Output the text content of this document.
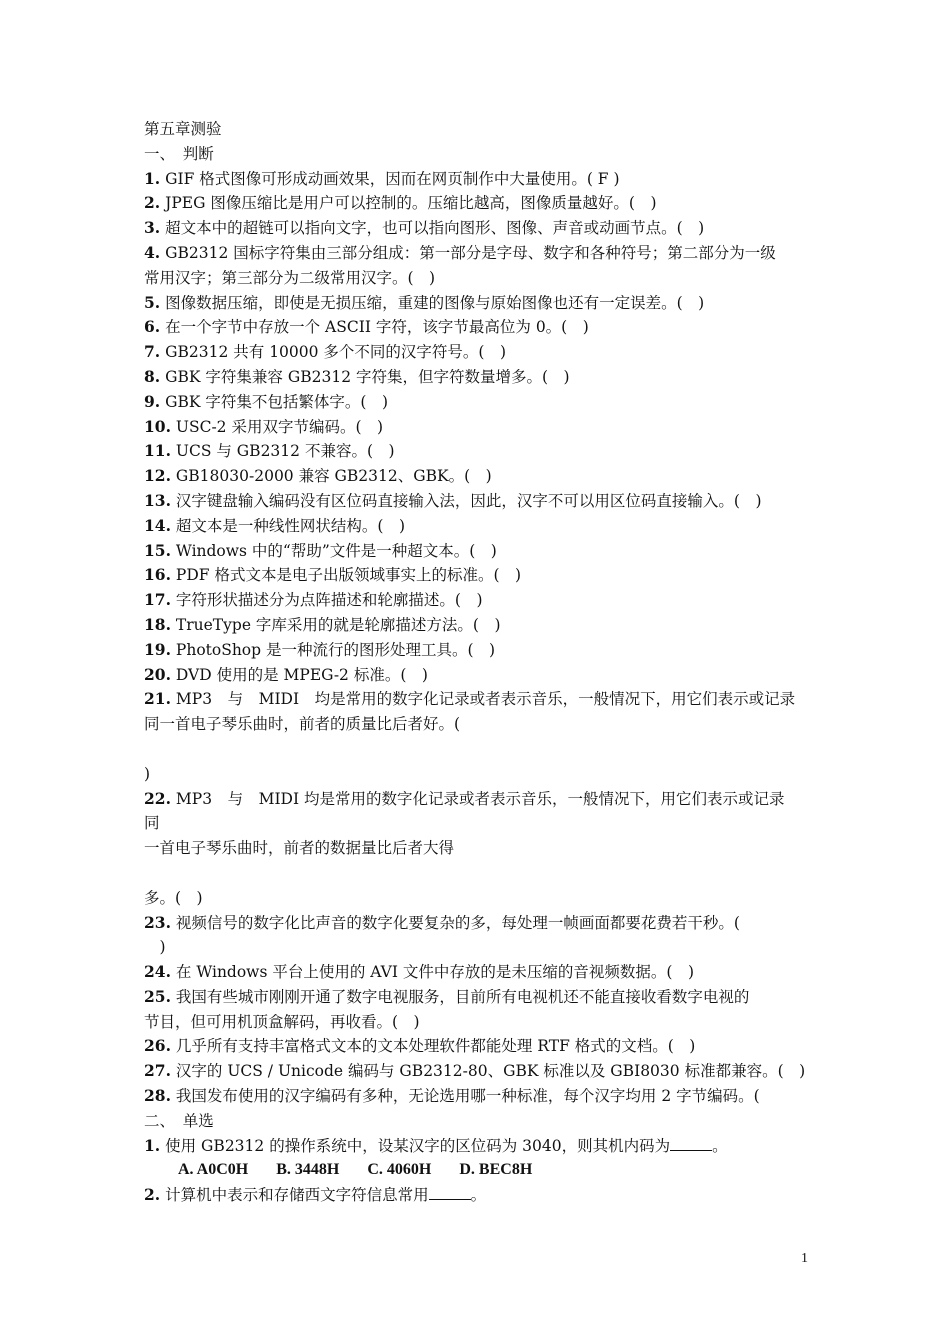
第五章测验
一、　判断
1. GIF 格式图像可形成动画效果，因而在网页制作中大量使用。( F )
2. JPEG 图像压缩比是用户可以控制的。压缩比越高，图像质量越好。(　)
3. 超文本中的超链可以指向文字，也可以指向图形、图像、声音或动画节点。(　)
4. GB2312 国标字符集由三部分组成：第一部分是字母、数字和各种符号；第二部分为一级
常用汉字；第三部分为二级常用汉字。(　)
5. 图像数据压缩，即使是无损压缩，重建的图像与原始图像也还有一定误差。(　)
6. 在一个字节中存放一个 ASCII 字符，该字节最高位为 0。(　)
7. GB2312 共有 10000 多个不同的汉字符号。(　)
8. GBK 字符集兼容 GB2312 字符集，但字符数量增多。(　)
9. GBK 字符集不包括繁体字。(　)
10. USC-2 采用双字节编码。(　)
11. UCS 与 GB2312 不兼容。(　)
12. GB18030-2000 兼容 GB2312、GBK。(　)
13. 汉字键盘输入编码没有区位码直接输入法，因此，汉字不可以用区位码直接输入。(　)
14. 超文本是一种线性网状结构。(　)
15. Windows 中的“帮助”文件是一种超文本。(　)
16. PDF 格式文本是电子出版领域事实上的标准。(　)
17. 字符形状描述分为点阵描述和轮廓描述。(　)
18. TrueType 字库采用的就是轮廓描述方法。(　)
19. PhotoShop 是一种流行的图形处理工具。(　)
20. DVD 使用的是 MPEG-2 标准。(　)
21. MP3　与　MIDI　均是常用的数字化记录或者表示音乐，一般情况下，用它们表示或记录
同一首电子琴乐曲时，前者的质量比后者好。(
)
22. MP3　与　MIDI 均是常用的数字化记录或者表示音乐，一般情况下，用它们表示或记录
同
一首电子琴乐曲时，前者的数据量比后者大得
多。(　)
23. 视频信号的数字化比声音的数字化要复杂的多，每处理一帧画面都要花费若干秒。(
　)
24. 在 Windows 平台上使用的 AVI 文件中存放的是未压缩的音视频数据。(　)
25. 我国有些城市刚刚开通了数字电视服务，目前所有电视机还不能直接收看数字电视的
节目，但可用机顶盒解码，再收看。(　)
26. 几乎所有支持丰富格式文本的文本处理软件都能处理 RTF 格式的文档。(　)
27. 汉字的 UCS / Unicode 编码与 GB2312-80、GBK 标准以及 GBI8030 标准都兼容。(　)
28. 我国发布使用的汉字编码有多种，无论选用哪一种标准，每个汉字均用 2 字节编码。(
二、　单选
1. 使用 GB2312 的操作系统中，设某汉字的区位码为 3040，则其机内码为	。
A. A0C0H B. 3448H C. 4060H D. BEC8H
2. 计算机中表示和存储西文字符信息常用	。
1
